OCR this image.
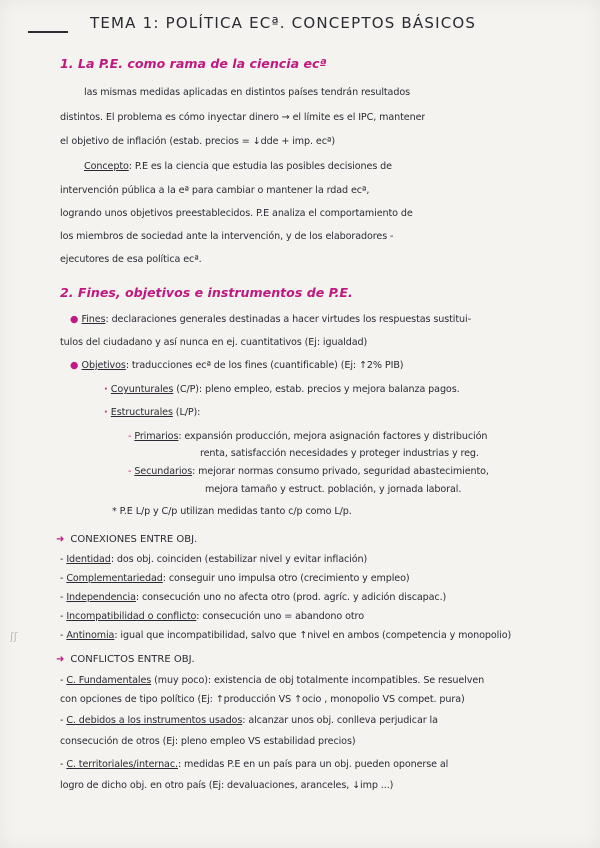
TEMA 1: POLÍTICA ECª. CONCEPTOS BÁSICOS
1. La P.E. como rama de la ciencia ecª
las mismas medidas aplicadas en distintos países tendrán resultados
distintos. El problema es cómo inyectar dinero → el límite es el IPC, mantener
el objetivo de inflación (estab. precios = ↓dde + imp. ecª)
Concepto: P.E es la ciencia que estudia las posibles decisiones de
intervención pública a la eª para cambiar o mantener la rdad ecª,
logrando unos objetivos preestablecidos. P.E analiza el comportamiento de
los miembros de sociedad ante la intervención, y de los elaboradores -
ejecutores de esa política ecª.
2. Fines, objetivos e instrumentos de P.E.
● Fines: declaraciones generales destinadas a hacer virtudes los respuestas sustitui-
tulos del ciudadano y así nunca en ej. cuantitativos (Ej: igualdad)
● Objetivos: traducciones ecª de los fines (cuantificable) (Ej: ↑2% PIB)
· Coyunturales (C/P): pleno empleo, estab. precios y mejora balanza pagos.
· Estructurales (L/P):
- Primarios: expansión producción, mejora asignación factores y distribución
renta, satisfacción necesidades y proteger industrias y reg.
- Secundarios: mejorar normas consumo privado, seguridad abastecimiento,
mejora tamaño y estruct. población, y jornada laboral.
* P.E L/p y C/p utilizan medidas tanto c/p como L/p.
➜ CONEXIONES ENTRE OBJ.
- Identidad: dos obj. coinciden (estabilizar nivel y evitar inflación)
- Complementariedad: conseguir uno impulsa otro (crecimiento y empleo)
- Independencia: consecución uno no afecta otro (prod. agríc. y adición discapac.)
- Incompatibilidad o conflicto: consecución uno = abandono otro
- Antinomia: igual que incompatibilidad, salvo que ↑nivel en ambos (competencia y monopolio)
ʃʃ
➜ CONFLICTOS ENTRE OBJ.
- C. Fundamentales (muy poco): existencia de obj totalmente incompatibles. Se resuelven
con opciones de tipo político (Ej: ↑producción VS ↑ocio , monopolio VS compet. pura)
- C. debidos a los instrumentos usados: alcanzar unos obj. conlleva perjudicar la
consecución de otros (Ej: pleno empleo VS estabilidad precios)
- C. territoriales/internac.: medidas P.E en un país para un obj. pueden oponerse al
logro de dicho obj. en otro país (Ej: devaluaciones, aranceles, ↓imp ...)
